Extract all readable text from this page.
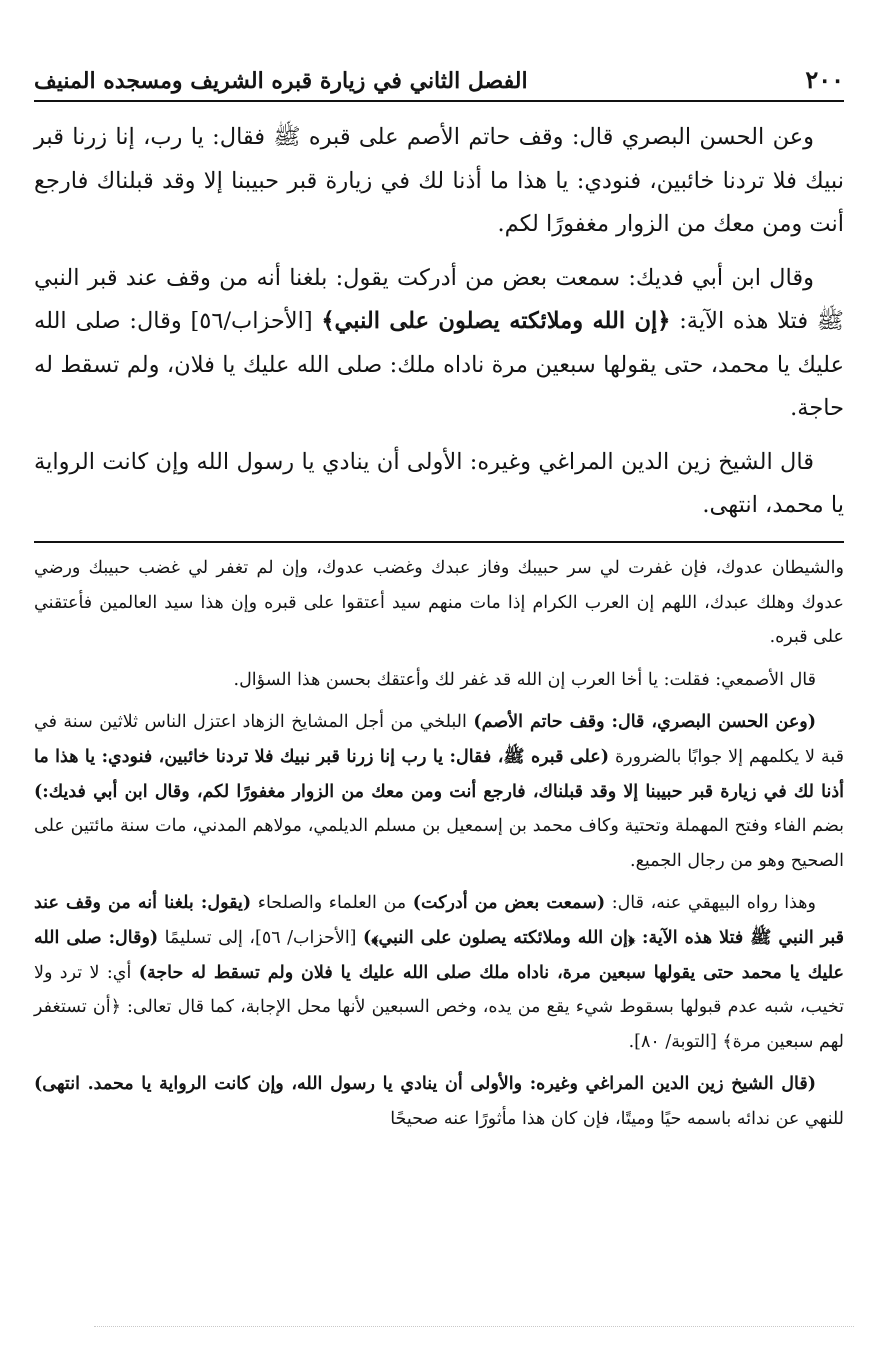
٢٠٠
الفصل الثاني في زيارة قبره الشريف ومسجده المنيف

وعن الحسن البصري قال: وقف حاتم الأصم على قبره ﷺ فقال: يا رب، إنا زرنا قبر نبيك فلا تردنا خائبين، فنودي: يا هذا ما أذنا لك في زيارة قبر حبيبنا إلا وقد قبلناك فارجع أنت ومن معك من الزوار مغفورًا لكم.

وقال ابن أبي فديك: سمعت بعض من أدركت يقول: بلغنا أنه من وقف عند قبر النبي ﷺ فتلا هذه الآية: ﴿إن الله وملائكته يصلون على النبي﴾ [الأحزاب/٥٦] وقال: صلى الله عليك يا محمد، حتى يقولها سبعين مرة ناداه ملك: صلى الله عليك يا فلان، ولم تسقط له حاجة.

قال الشيخ زين الدين المراغي وغيره: الأولى أن ينادي يا رسول الله وإن كانت الرواية يا محمد، انتهى.

والشيطان عدوك، فإن غفرت لي سر حبيبك وفاز عبدك وغضب عدوك، وإن لم تغفر لي غضب حبيبك ورضي عدوك وهلك عبدك، اللهم إن العرب الكرام إذا مات منهم سيد أعتقوا على قبره وإن هذا سيد العالمين فأعتقني على قبره.

قال الأصمعي: فقلت: يا أخا العرب إن الله قد غفر لك وأعتقك بحسن هذا السؤال.

(وعن الحسن البصري، قال: وقف حاتم الأصم) البلخي من أجل المشايخ الزهاد اعتزل الناس ثلاثين سنة في قبة لا يكلمهم إلا جوابًا بالضرورة (على قبره ﷺ، فقال: يا رب إنا زرنا قبر نبيك فلا تردنا خائبين، فنودي: يا هذا ما أذنا لك في زيارة قبر حبيبنا إلا وقد قبلناك، فارجع أنت ومن معك من الزوار مغفورًا لكم، وقال ابن أبي فديك:) بضم الفاء وفتح المهملة وتحتية وكاف محمد بن إسمعيل بن مسلم الديلمي، مولاهم المدني، مات سنة مائتين على الصحيح وهو من رجال الجميع.

وهذا رواه البيهقي عنه، قال: (سمعت بعض من أدركت) من العلماء والصلحاء (يقول: بلغنا أنه من وقف عند قبر النبي ﷺ فتلا هذه الآية: ﴿إن الله وملائكته يصلون على النبي﴾) [الأحزاب/ ٥٦]، إلى تسليمًا (وقال: صلى الله عليك يا محمد حتى يقولها سبعين مرة، ناداه ملك صلى الله عليك يا فلان ولم تسقط له حاجة) أي: لا ترد ولا تخيب، شبه عدم قبولها بسقوط شيء يقع من يده، وخص السبعين لأنها محل الإجابة، كما قال تعالى: ﴿أن تستغفر لهم سبعين مرة﴾ [التوبة/ ٨٠].

(قال الشيخ زين الدين المراغي وغيره: والأولى أن ينادي يا رسول الله، وإن كانت الرواية يا محمد. انتهى) للنهي عن ندائه باسمه حيًا وميتًا، فإن كان هذا مأثورًا عنه صحيحًا
